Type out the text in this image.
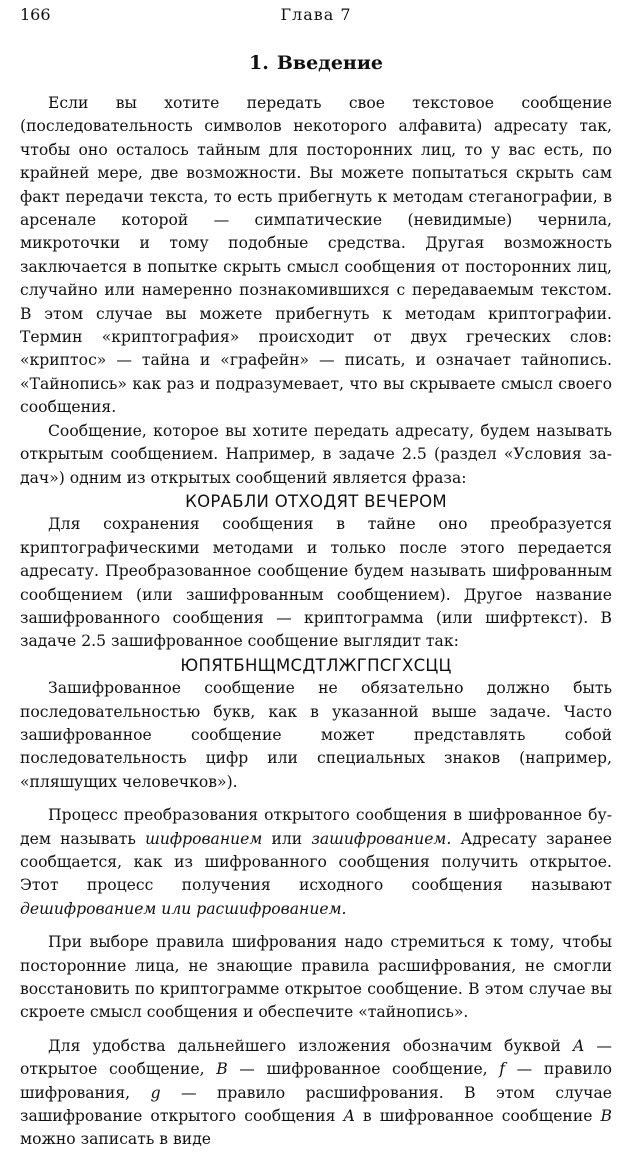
166	Глава 7
1. Введение

Если вы хотите передать свое текстовое сообщение (последовательность символов некоторого алфавита) адресату так, чтобы оно осталось тайным для посторонних лиц, то у вас есть, по крайней мере, две возможности. Вы можете попытаться скрыть сам факт передачи текста, то есть прибегнуть к методам стеганографии, в арсенале которой — симпатические (невидимые) чернила, микроточки и тому подобные средства. Другая возможность заключается в попытке скрыть смысл сообщения от посторонних лиц, случайно или намеренно познакомившихся с передаваемым текстом. В этом случае вы можете прибегнуть к методам криптографии. Термин «криптография» происходит от двух греческих слов: «криптос» — тайна и «графейн» — писать, и означает тайнопись. «Тайнопись» как раз и подразумевает, что вы скрываете смысл своего сообщения.

Сообщение, которое вы хотите передать адресату, будем называть открытым сообщением. Например, в задаче 2.5 (раздел «Условия задач») одним из открытых сообщений является фраза:

КОРАБЛИ ОТХОДЯТ ВЕЧЕРОМ

Для сохранения сообщения в тайне оно преобразуется криптографическими методами и только после этого передается адресату. Преобразованное сообщение будем называть шифрованным сообщением (или зашифрованным сообщением). Другое название зашифрованного сообщения — криптограмма (или шифртекст). В задаче 2.5 зашифрованное сообщение выглядит так:

ЮПЯТБНЩМСДТЛЖГПСГХСЦЦ

Зашифрованное сообщение не обязательно должно быть последовательностью букв, как в указанной выше задаче. Часто зашифрованное сообщение может представлять собой последовательность цифр или специальных знаков (например, «пляшущих человечков»).

Процесс преобразования открытого сообщения в шифрованное будем называть шифрованием или зашифрованием. Адресату заранее сообщается, как из шифрованного сообщения получить открытое. Этот процесс получения исходного сообщения называют дешифрованием или расшифрованием.

При выборе правила шифрования надо стремиться к тому, чтобы посторонние лица, не знающие правила расшифрования, не смогли восстановить по криптограмме открытое сообщение. В этом случае вы скроете смысл сообщения и обеспечите «тайнопись».

Для удобства дальнейшего изложения обозначим буквой A — открытое сообщение, B — шифрованное сообщение, f — правило шифрования, g — правило расшифрования. В этом случае зашифрование открытого сообщения A в шифрованное сообщение B можно записать в виде
